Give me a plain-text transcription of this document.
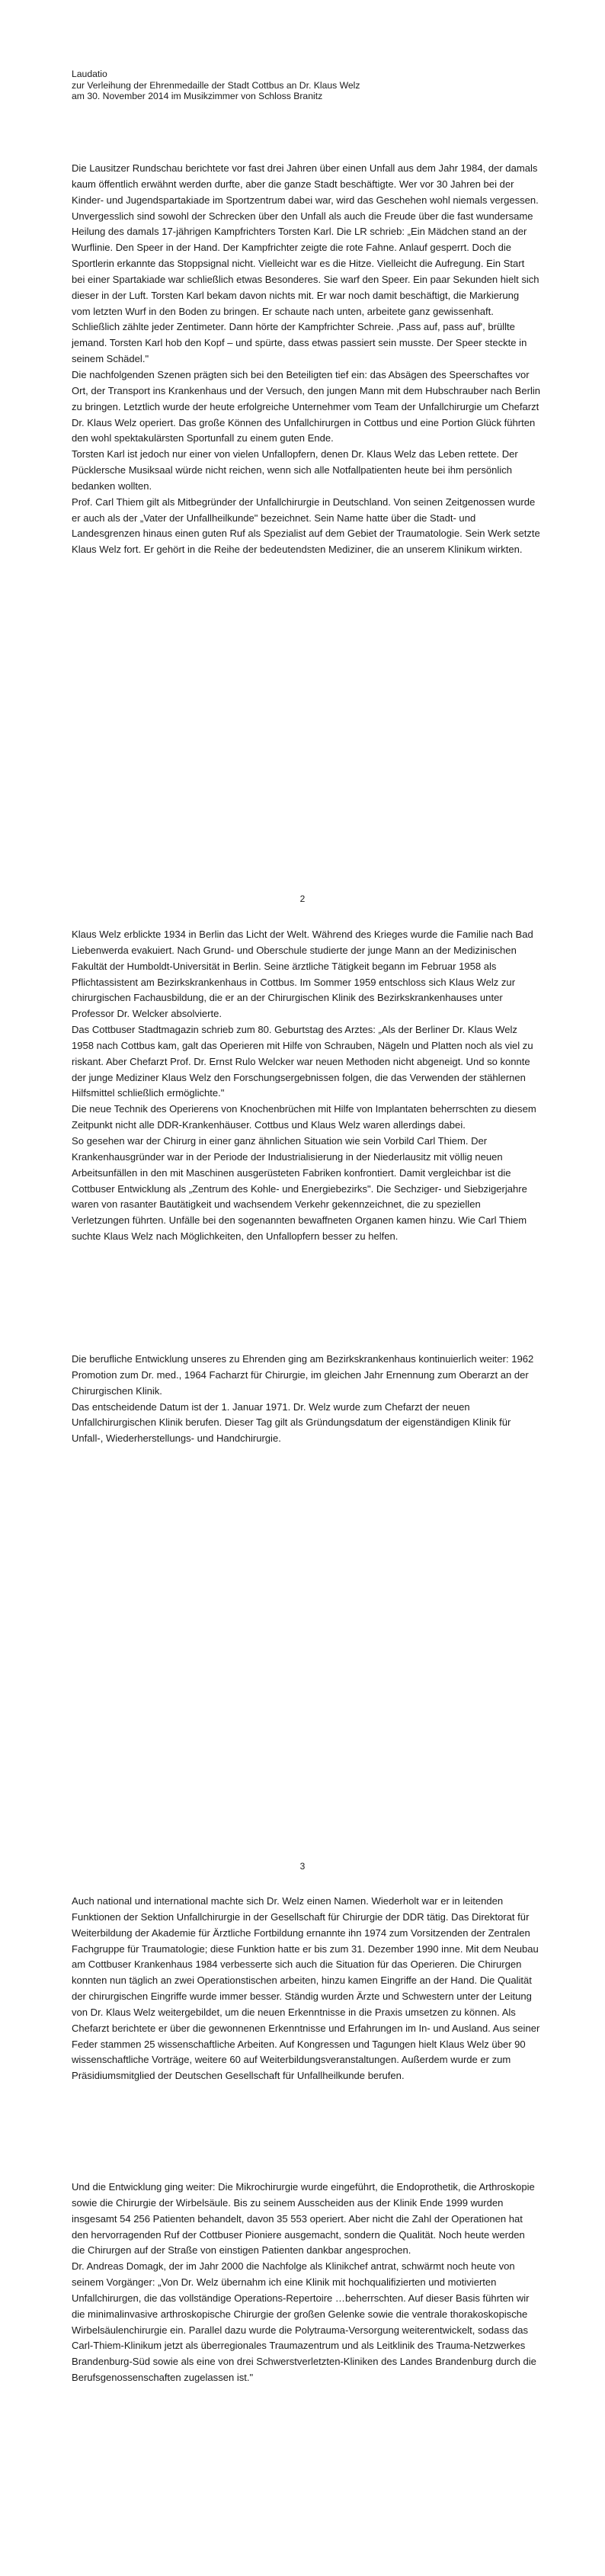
Laudatio
zur Verleihung der Ehrenmedaille der Stadt Cottbus an Dr. Klaus Welz
am 30. November 2014 im Musikzimmer von Schloss Branitz

Die Lausitzer Rundschau berichtete vor fast drei Jahren über einen Unfall aus dem Jahr 1984, der damals kaum öffentlich erwähnt werden durfte, aber die ganze Stadt beschäftigte. Wer vor 30 Jahren bei der Kinder- und Jugendspartakiade im Sportzentrum dabei war, wird das Geschehen wohl niemals vergessen. Unvergesslich sind sowohl der Schrecken über den Unfall als auch die Freude über die fast wundersame Heilung des damals 17-jährigen Kampfrichters Torsten Karl. Die LR schrieb: „Ein Mädchen stand an der Wurflinie. Den Speer in der Hand. Der Kampfrichter zeigte die rote Fahne. Anlauf gesperrt. Doch die Sportlerin erkannte das Stoppsignal nicht. Vielleicht war es die Hitze. Vielleicht die Aufregung. Ein Start bei einer Spartakiade war schließlich etwas Besonderes. Sie warf den Speer. Ein paar Sekunden hielt sich dieser in der Luft. Torsten Karl bekam davon nichts mit. Er war noch damit beschäftigt, die Markierung vom letzten Wurf in den Boden zu bringen. Er schaute nach unten, arbeitete ganz gewissenhaft. Schließlich zählte jeder Zentimeter. Dann hörte der Kampfrichter Schreie. ‚Pass auf, pass auf', brüllte jemand. Torsten Karl hob den Kopf – und spürte, dass etwas passiert sein musste. Der Speer steckte in seinem Schädel."

Die nachfolgenden Szenen prägten sich bei den Beteiligten tief ein: das Absägen des Speerschaftes vor Ort, der Transport ins Krankenhaus und der Versuch, den jungen Mann mit dem Hubschrauber nach Berlin zu bringen. Letztlich wurde der heute erfolgreiche Unternehmer vom Team der Unfallchirurgie um Chefarzt Dr. Klaus Welz operiert. Das große Können des Unfallchirurgen in Cottbus und eine Portion Glück führten den wohl spektakulärsten Sportunfall zu einem guten Ende.

Torsten Karl ist jedoch nur einer von vielen Unfallopfern, denen Dr. Klaus Welz das Leben rettete. Der Pücklersche Musiksaal würde nicht reichen, wenn sich alle Notfallpatienten heute bei ihm persönlich bedanken wollten.

Prof. Carl Thiem gilt als Mitbegründer der Unfallchirurgie in Deutschland. Von seinen Zeitgenossen wurde er auch als der „Vater der Unfallheilkunde" bezeichnet. Sein Name hatte über die Stadt- und Landesgrenzen hinaus einen guten Ruf als Spezialist auf dem Gebiet der Traumatologie. Sein Werk setzte Klaus Welz fort. Er gehört in die Reihe der bedeutendsten Mediziner, die an unserem Klinikum wirkten.

2

Klaus Welz erblickte 1934 in Berlin das Licht der Welt. Während des Krieges wurde die Familie nach Bad Liebenwerda evakuiert. Nach Grund- und Oberschule studierte der junge Mann an der Medizinischen Fakultät der Humboldt-Universität in Berlin. Seine ärztliche Tätigkeit begann im Februar 1958 als Pflichtassistent am Bezirkskrankenhaus in Cottbus. Im Sommer 1959 entschloss sich Klaus Welz zur chirurgischen Fachausbildung, die er an der Chirurgischen Klinik des Bezirkskrankenhauses unter Professor Dr. Welcker absolvierte.

Das Cottbuser Stadtmagazin schrieb zum 80. Geburtstag des Arztes: „Als der Berliner Dr. Klaus Welz 1958 nach Cottbus kam, galt das Operieren mit Hilfe von Schrauben, Nägeln und Platten noch als viel zu riskant. Aber Chefarzt Prof. Dr. Ernst Rulo Welcker war neuen Methoden nicht abgeneigt. Und so konnte der junge Mediziner Klaus Welz den Forschungsergebnissen folgen, die das Verwenden der stählernen Hilfsmittel schließlich ermöglichte."

Die neue Technik des Operierens von Knochenbrüchen mit Hilfe von Implantaten beherrschten zu diesem Zeitpunkt nicht alle DDR-Krankenhäuser. Cottbus und Klaus Welz waren allerdings dabei.

So gesehen war der Chirurg in einer ganz ähnlichen Situation wie sein Vorbild Carl Thiem. Der Krankenhausgründer war in der Periode der Industrialisierung in der Niederlausitz mit völlig neuen Arbeitsunfällen in den mit Maschinen ausgerüsteten Fabriken konfrontiert. Damit vergleichbar ist die Cottbuser Entwicklung als „Zentrum des Kohle- und Energiebezirks". Die Sechziger- und Siebzigerjahre waren von rasanter Bautätigkeit und wachsendem Verkehr gekennzeichnet, die zu speziellen Verletzungen führten. Unfälle bei den sogenannten bewaffneten Organen kamen hinzu. Wie Carl Thiem suchte Klaus Welz nach Möglichkeiten, den Unfallopfern besser zu helfen.

Die berufliche Entwicklung unseres zu Ehrenden ging am Bezirkskrankenhaus kontinuierlich weiter: 1962 Promotion zum Dr. med., 1964 Facharzt für Chirurgie, im gleichen Jahr Ernennung zum Oberarzt an der Chirurgischen Klinik.

Das entscheidende Datum ist der 1. Januar 1971. Dr. Welz wurde zum Chefarzt der neuen Unfallchirurgischen Klinik berufen. Dieser Tag gilt als Gründungsdatum der eigenständigen Klinik für Unfall-, Wiederherstellungs- und Handchirurgie.

3

Auch national und international machte sich Dr. Welz einen Namen. Wiederholt war er in leitenden Funktionen der Sektion Unfallchirurgie in der Gesellschaft für Chirurgie der DDR tätig. Das Direktorat für Weiterbildung der Akademie für Ärztliche Fortbildung ernannte ihn 1974 zum Vorsitzenden der Zentralen Fachgruppe für Traumatologie; diese Funktion hatte er bis zum 31. Dezember 1990 inne. Mit dem Neubau am Cottbuser Krankenhaus 1984 verbesserte sich auch die Situation für das Operieren. Die Chirurgen konnten nun täglich an zwei Operationstischen arbeiten, hinzu kamen Eingriffe an der Hand. Die Qualität der chirurgischen Eingriffe wurde immer besser. Ständig wurden Ärzte und Schwestern unter der Leitung von Dr. Klaus Welz weitergebildet, um die neuen Erkenntnisse in die Praxis umsetzen zu können. Als Chefarzt berichtete er über die gewonnenen Erkenntnisse und Erfahrungen im In- und Ausland. Aus seiner Feder stammen 25 wissenschaftliche Arbeiten. Auf Kongressen und Tagungen hielt Klaus Welz über 90 wissenschaftliche Vorträge, weitere 60 auf Weiterbildungsveranstaltungen. Außerdem wurde er zum Präsidiumsmitglied der Deutschen Gesellschaft für Unfallheilkunde berufen.

Und die Entwicklung ging weiter: Die Mikrochirurgie wurde eingeführt, die Endoprothetik, die Arthroskopie sowie die Chirurgie der Wirbelsäule. Bis zu seinem Ausscheiden aus der Klinik Ende 1999 wurden insgesamt 54 256 Patienten behandelt, davon 35 553 operiert. Aber nicht die Zahl der Operationen hat den hervorragenden Ruf der Cottbuser Pioniere ausgemacht, sondern die Qualität. Noch heute werden die Chirurgen auf der Straße von einstigen Patienten dankbar angesprochen.

Dr. Andreas Domagk, der im Jahr 2000 die Nachfolge als Klinikchef antrat, schwärmt noch heute von seinem Vorgänger: „Von Dr. Welz übernahm ich eine Klinik mit hochqualifizierten und motivierten Unfallchirurgen, die das vollständige Operations-Repertoire …beherrschten. Auf dieser Basis führten wir die minimalinvasive arthroskopische Chirurgie der großen Gelenke sowie die ventrale thorakoskopische Wirbelsäulenchirurgie ein. Parallel dazu wurde die Polytrauma-Versorgung weiterentwickelt, sodass das Carl-Thiem-Klinikum jetzt als überregionales Traumazentrum und als Leitklinik des Trauma-Netzwerkes Brandenburg-Süd sowie als eine von drei Schwerstverletzten-Kliniken des Landes Brandenburg durch die Berufsgenossenschaften zugelassen ist."
